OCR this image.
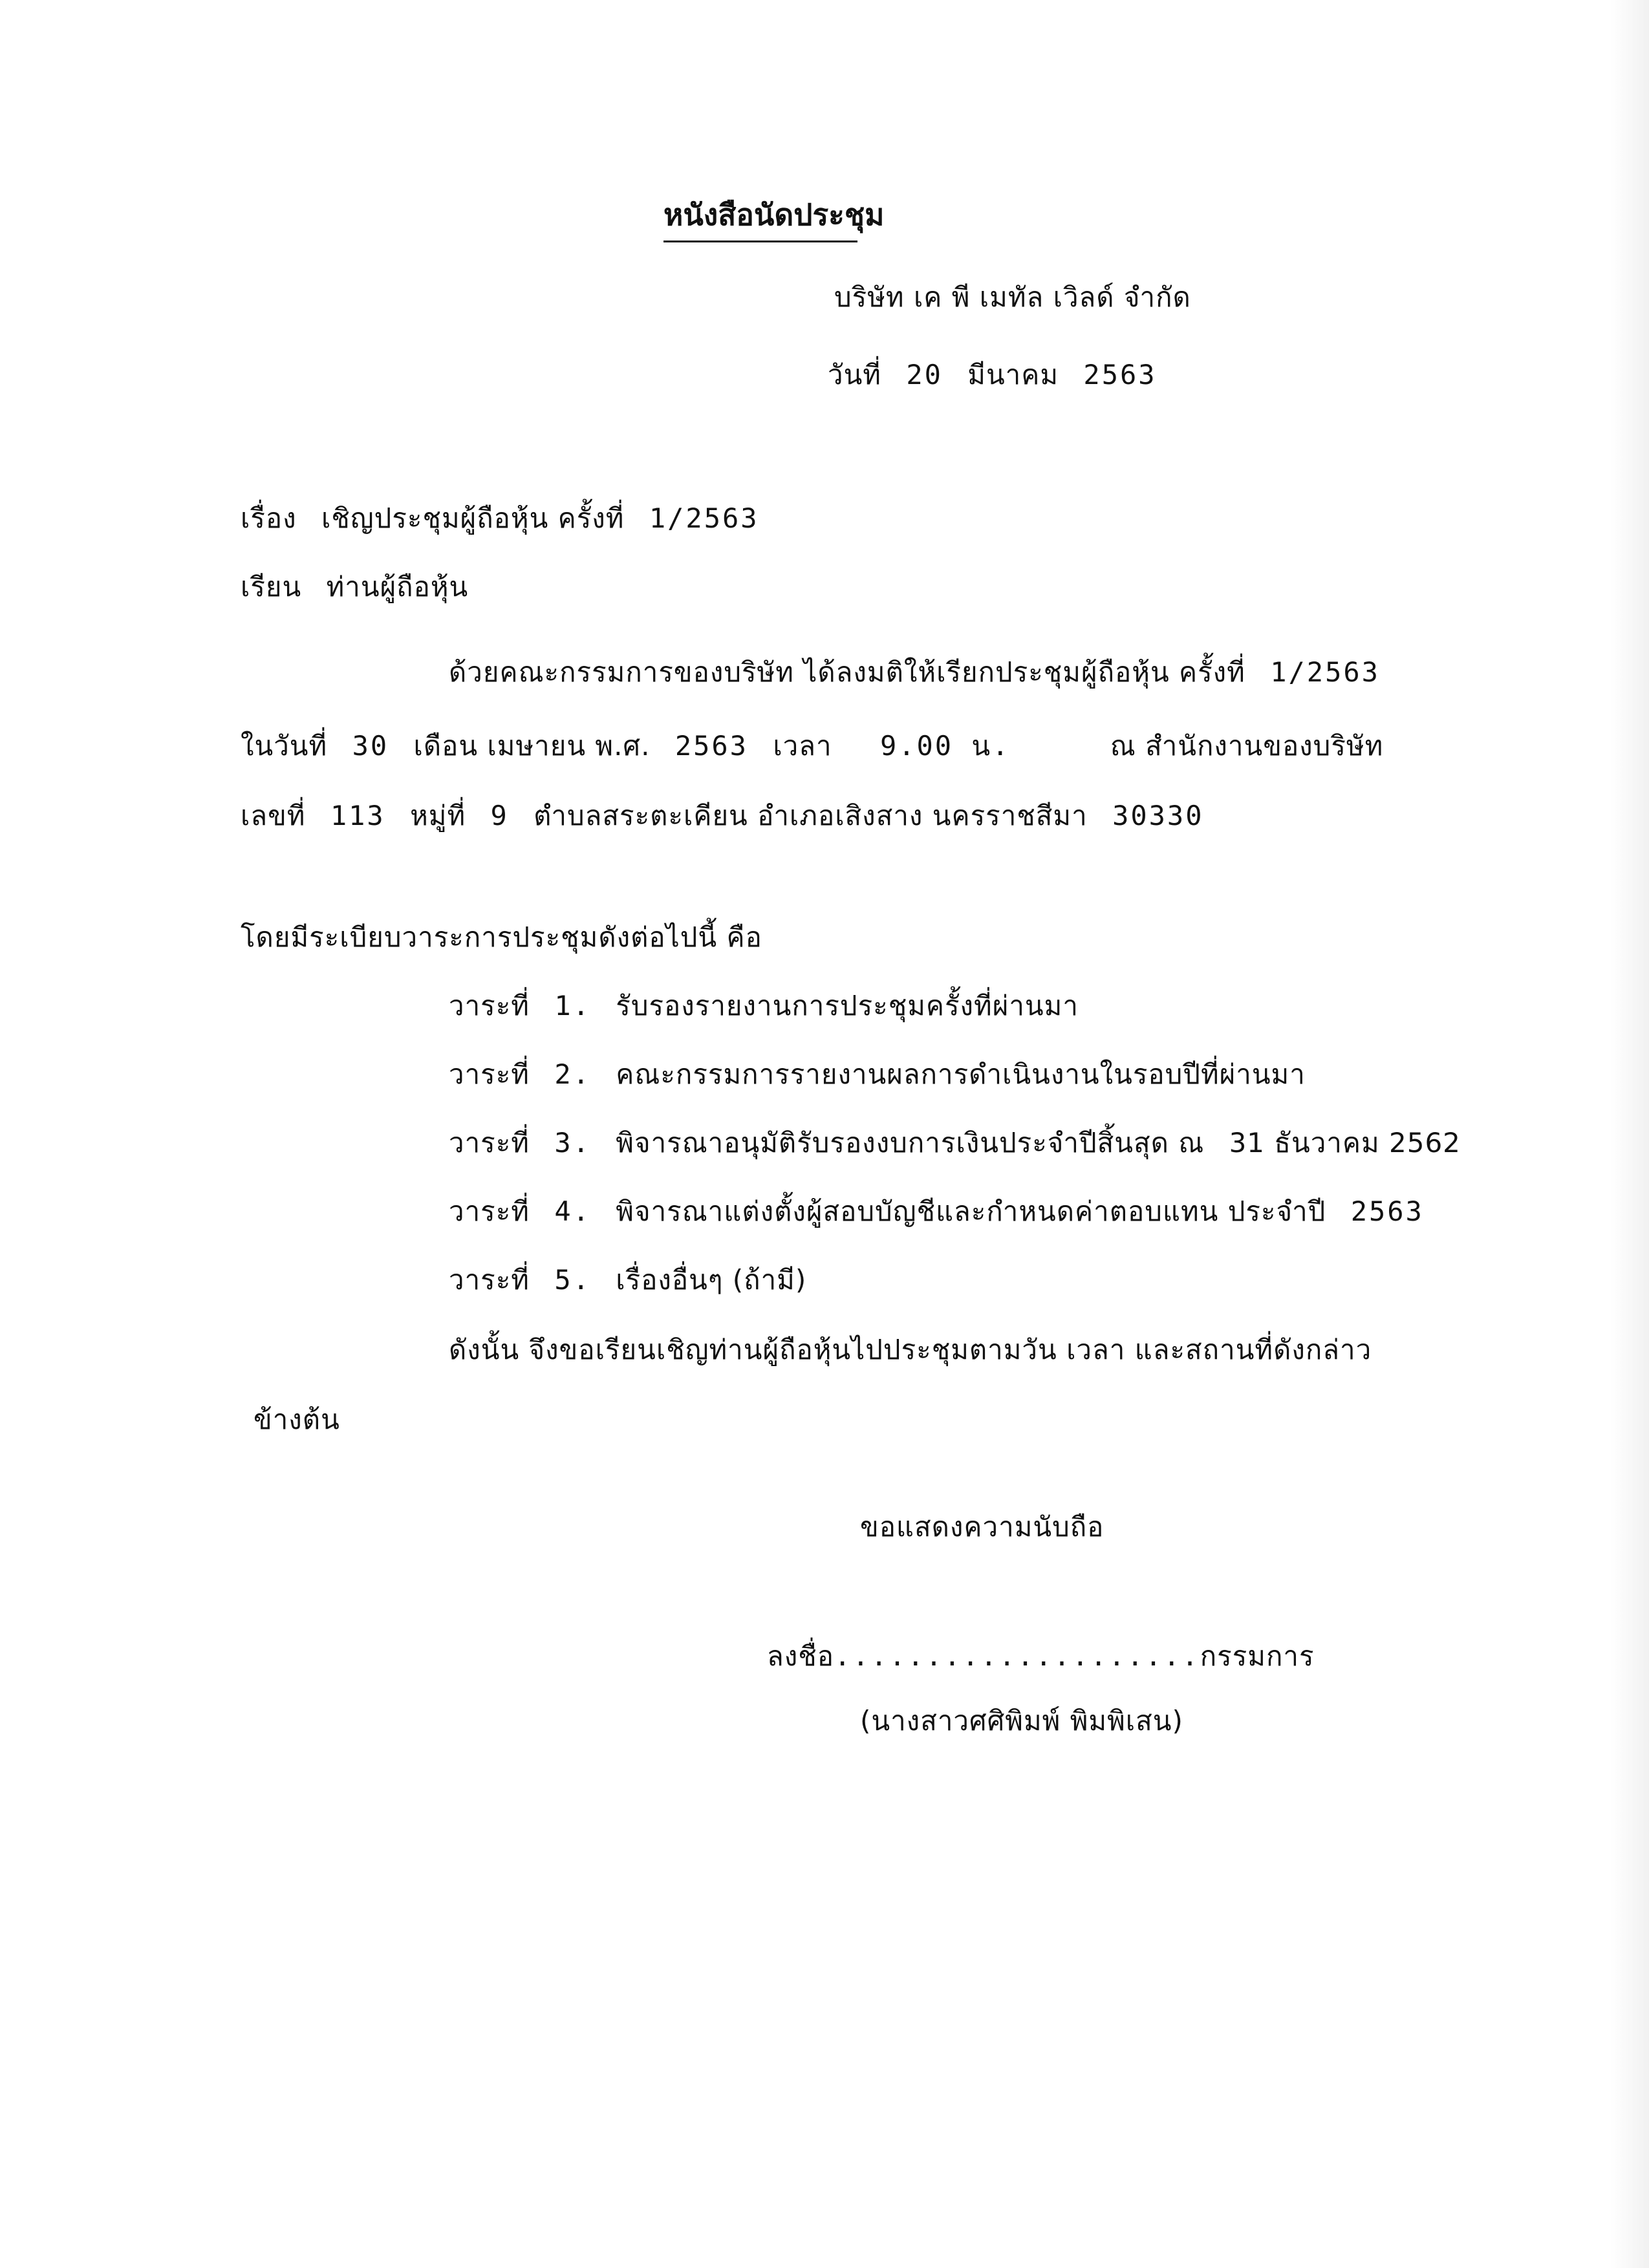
หนังสือนัดประชุม
บริษัท เค พี เมทัล เวิลด์ จำกัด
วันที่ 20 มีนาคม 2563
เรื่อง เชิญประชุมผู้ถือหุ้น ครั้งที่ 1/2563
เรียน ท่านผู้ถือหุ้น
ด้วยคณะกรรมการของบริษัท ได้ลงมติให้เรียกประชุมผู้ถือหุ้น ครั้งที่ 1/2563
ในวันที่ 30 เดือน เมษายน พ.ศ. 2563 เวลา 9.00 น.	ณ สำนักงานของบริษัท
เลขที่ 113 หมู่ที่ 9 ตำบลสระตะเคียน อำเภอเสิงสาง นครราชสีมา 30330
โดยมีระเบียบวาระการประชุมดังต่อไปนี้ คือ
วาระที่ 1. รับรองรายงานการประชุมครั้งที่ผ่านมา
วาระที่ 2. คณะกรรมการรายงานผลการดำเนินงานในรอบปีที่ผ่านมา
วาระที่ 3. พิจารณาอนุมัติรับรองงบการเงินประจำปีสิ้นสุด ณ 31 ธันวาคม 2562
วาระที่ 4. พิจารณาแต่งตั้งผู้สอบบัญชีและกำหนดค่าตอบแทน ประจำปี 2563
วาระที่ 5. เรื่องอื่นๆ (ถ้ามี)
ดังนั้น จึงขอเรียนเชิญท่านผู้ถือหุ้นไปประชุมตามวัน เวลา และสถานที่ดังกล่าว
ข้างต้น
ขอแสดงความนับถือ
ลงชื่อ....................กรรมการ
(นางสาวศศิพิมพ์ พิมพิเสน)
